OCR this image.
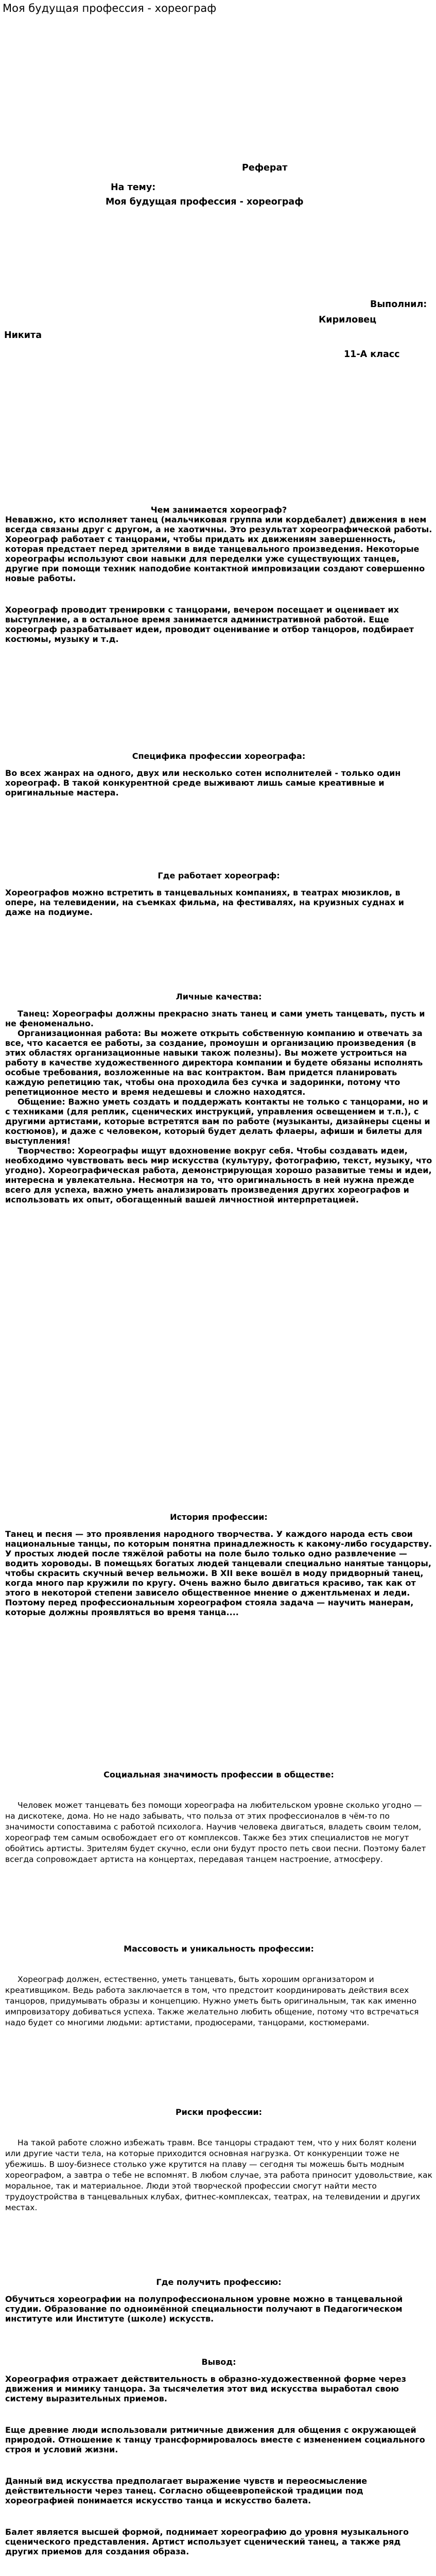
Моя будущая профессия - хореограф
Реферат
На тему:
Моя будущая профессия - хореограф
Выполнил:
Кириловец
Никита
11-А класс

Чем занимается хореограф?

Невавжно, кто исполняет танец (мальчиковая группа или кордебалет) движения в нем всегда связаны друг с другом, а не хаотичны. Это результат хореографической работы. Хореограф работает с танцорами, чтобы придать их движениям завершенность, которая предстает перед зрителями в виде танцевального произведения. Некоторые хореографы используют свои навыки для переделки уже существующих танцев, другие при помощи техник наподобие контактной импровизации создают совершенно новые работы.

Хореограф проводит тренировки с танцорами, вечером посещает и оценивает их выступление, а в остальное время занимается административной работой. Еще хореограф разрабатывает идеи, проводит оценивание и отбор танцоров, подбирает костюмы, музыку и т.д.

Специфика профессии хореографа:

Во всех жанрах на одного, двух или несколько сотен исполнителей - только один хореограф. В такой конкурентной среде выживают лишь самые креативные и оригинальные мастера.

Где работает хореограф:

Хореографов можно встретить в танцевальных компаниях, в театрах мюзиклов, в опере, на телевидении, на съемках фильма, на фестивалях, на круизных суднах и даже на подиуме.

Личные качества:

Танец: Хореографы должны прекрасно знать танец и сами уметь танцевать, пусть и не феноменально.

Организационная работа: Вы можете открыть собственную компанию и отвечать за все, что касается ее работы, за создание, промоушн и организацию произведения (в этих областях организационные навыки також полезны). Вы можете устроиться на работу в качестве художественного директора компании и будете обязаны исполнять особые требования, возложенные на вас контрактом. Вам придется планировать каждую репетицию так, чтобы она проходила без сучка и задоринки, потому что репетиционное место и время недешевы и сложно находятся.

Общение: Важно уметь создать и поддержать контакты не только с танцорами, но и с техниками (для реплик, сценических инструкций, управления освещением и т.п.), с другими артистами, которые встретятся вам по работе (музыканты, дизайнеры сцены и костюмов), и даже с человеком, который будет делать флаеры, афиши и билеты для выступления!

Творчество: Хореографы ищут вдохновение вокруг себя. Чтобы создавать идеи, необходимо чувствовать весь мир искусства (культуру, фотографию, текст, музыку, что угодно). Хореографическая работа, демонстрирующая хорошо разавитые темы и идеи, интересна и увлекательна. Несмотря на то, что оригинальность в ней нужна прежде всего для успеха, важно уметь анализировать произведения других хореографов и использовать их опыт, обогащенный вашей личностной интерпретацией.

История профессии:

Танец и песня — это проявления народного творчества. У каждого народа есть свои национальные танцы, по которым понятна принадлежность к какому-либо государству. У простых людей после тяжёлой работы на поле было только одно развлечение — водить хороводы. В помещьях богатых людей танцевали специально нанятые танцоры, чтобы скрасить скучный вечер вельможи. В XII веке вошёл в моду придворный танец, когда много пар кружили по кругу. Очень важно было двигаться красиво, так как от этого в некоторой степени зависело общественное мнение о джентльменах и леди. Поэтому перед профессиональным хореографом стояла задача — научить манерам, которые должны проявляться во время танца....

Социальная значимость профессии в обществе:

Человек может танцевать без помощи хореографа на любительском уровне сколько угодно — на дискотеке, дома. Но не надо забывать, что польза от этих профессионалов в чём-то по значимости сопоставима с работой психолога. Научив человека двигаться, владеть своим телом, хореограф тем самым освобождает его от комплексов. Также без этих специалистов не могут обойтись артисты. Зрителям будет скучно, если они будут просто петь свои песни. Поэтому балет всегда сопровождает артиста на концертах, передавая танцем настроение, атмосферу.

Массовость и уникальность профессии:

Хореограф должен, естественно, уметь танцевать, быть хорошим организатором и креативщиком. Ведь работа заключается в том, что предстоит координировать действия всех танцоров, придумывать образы и концепцию. Нужно уметь быть оригинальным, так как именно импровизатору добиваться успеха. Также желательно любить общение, потому что встречаться надо будет со многими людьми: артистами, продюсерами, танцорами, костюмерами.

Риски профессии:

На такой работе сложно избежать травм. Все танцоры страдают тем, что у них болят колени или другие части тела, на которые приходится основная нагрузка. От конкуренции тоже не убежишь. В шоу-бизнесе столько уже крутится на плаву — сегодня ты можешь быть модным хореографом, а завтра о тебе не вспомнят. В любом случае, эта работа приносит удовольствие, как моральное, так и материальное. Люди этой творческой профессии смогут найти место трудоустройства в танцевальных клубах, фитнес-комплексах, театрах, на телевидении и других местах.

Где получить профессию:

Обучиться хореографии на полупрофессиональном уровне можно в танцевальной студии. Образование по одноимённой специальности получают в Педагогическом институте или Институте (школе) искусств.

Вывод:

Хореография отражает действительность в образно-художественной форме через движения и мимику танцора. За тысячелетия этот вид искусства выработал свою систему выразительных приемов.

Еще древние люди использовали ритмичные движения для общения с окружающей природой. Отношение к танцу трансформировалось вместе с изменением социального строя и условий жизни.

Данный вид искусства предполагает выражение чувств и переосмысление действительности через танец. Согласно общеевропейской традиции под хореографией понимается искусство танца и искусство балета.

Балет является высшей формой, поднимает хореографию до уровня музыкального сценического представления. Артист использует сценический танец, а также ряд других приемов для создания образа.
